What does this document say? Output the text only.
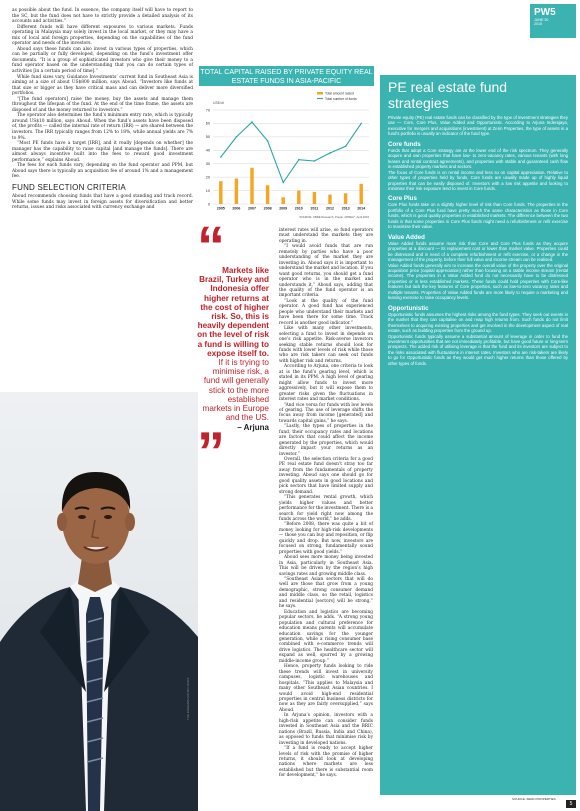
PW5
JUNE 30
2015

as possible about the fund. In essence, the company itself will have to report to the SC, but the fund does not have to strictly provide a detailed analysis of its accounts and activities.”

Different funds will have different exposures to various markets. Funds operating in Malaysia may solely invest in the local market, or they may have a mix of local and foreign properties, depending on the capabilities of the fund operator and needs of the investors.

Aboud says these funds can also invest in various types of properties, which can be partially or fully developed, depending on the fund’s investment offer documents. “It is a group of sophisticated investors who give their money to a fund operator based on the understanding that you can do certain types of activities [in a certain period of time].”

While fund sizes vary, Guidance Investments’ current fund in Southeast Asia is aiming at a size of about US$800 million, says Aboud. “Investors like funds at that size or bigger as they have critical mass and can deliver more diversified portfolios.

“[The fund operators] raise the money, buy the assets and manage them throughout the lifespan of the fund. At the end of the time frame, the assets are disposed of and the money returned to investors.”

The operator also determines the fund’s minimum entry rate, which is typically around US$10 million, says Aboud. When the fund’s assets have been disposed of, the profits — called the internal rate of return (IRR) — are shared between the investors. The IRR typically ranges from 12% to 18%, while annual yields are 7% to 9%.

“Most PE funds have a target [IRR], and it really [depends on whether] the manager has the capability to raise capital [and manage the funds]. There are almost always incentive built into the fees to reward good investment performance,” explains Aboud.

The fees for each funds vary, depending on the fund operator and PPM, but Aboud says there is typically an acquisition fee of around 1% and a management fee.

FUND SELECTION CRITERIA

Aboud recommends choosing funds that have a good standing and track record. While some funds may invest in foreign assets for diversification and better returns, issues and risks associated with currency exchange and

THE EDGE/MAHATHIR HANAF
TOTAL CAPITAL RAISED BY PRIVATE EQUITY REAL ESTATE FUNDS IN ASIA-PACIFIC
US$ bil
0
10
20
30
40
50
60
70
2005 2006 2007 2008 2009 2010 2011 2012 2013 2014
SOURCE: CBRE Research, Preqin, APREA*, April 2015
Total amount raised
Total number of funds
“
Markets like Brazil, Turkey and Indonesia offer higher returns at the cost of higher risk. So, this is heavily dependent on the level of risk a fund is willing to expose itself to.
If it is trying to minimise risk, a fund will generally stick to the more established markets in Europe and the US.
– Arjuna
”

interest rates will arise, so fund operators must understand the markets they are operating in.

“I would avoid funds that are run remotely by parties who have a poor understanding of the market they are investing in. Aboud says it is important to understand the market and location. If you want good returns, you should get a fund operator who is in the market and understands it,” Aboud says, adding that the quality of the fund operator is an important criteria.

“Look at the quality of the fund operator. A good fund has experienced people who understand their markets and have been there for some time. Track record is another good indicator.”

Like with many other investments, selecting a fund to invest in depends on one’s risk appetite. Risk-averse investors seeking stable returns should look for funds with lower levels of risk while those who are risk takers can seek out funds with higher risk and returns.

According to Arjuna, one criteria to look at is the fund’s gearing level, which is stated in its PPM. A high level of gearing might allow funds to invest more aggressively, but it will expose them to greater risks given the fluctuations in interest rates and market conditions.

“And vice versa for funds with low levels of gearing. The use of leverage shifts the focus away from income [generated] and towards capital gains,” he says.

“Lastly, the types of properties in the fund, their occupancy rates and locations are factors that could affect the income generated by the properties, which would directly impact your returns as an investor.”

Overall, the selection criteria for a good PE real estate fund doesn’t stray too far away from the fundamentals of property investing. Aboud says one should go for good quality assets in good locations and pick sectors that have limited supply and strong demand.

“This generates rental growth, which yields higher values and better performance for the investment. There is a search for yield right now among the funds across the world,” he adds.

“Before 2008, there was quite a bit of money looking for high-risk developments — those you can buy and reposition, or flip quickly and drop. But now, investors are focused on strong, fundamentally sound properties with good yields.”

Aboud sees more money being invested in Asia, particularly in Southeast Asia. This will be driven by the region’s high savings rates and growing middle class.

“Southeast Asian sectors that will do well are those that grow from a young demographic, strong consumer demand and middle class, so the retail, logistics and residential [sectors] will be strong,” he says.

Education and logistics are becoming popular sectors, he adds. “A strong young population and cultural preference for education means parents will accumulate education savings for the younger generation, while a rising consumer base combined with e-commerce trends will drive logistics. The healthcare sector will expand as well, spurred by a growing middle-income group.”

Hence, property funds looking to ride these trends will invest in university campuses, logistic warehouses and hospitals. “This applies to Malaysia and many other Southeast Asian countries. I would avoid high-end residential properties in central business districts for now as they are fairly oversupplied,” says Aboud.

In Arjuna’s opinion, investors with a high-risk appetite can consider funds invested in Southeast Asia and the BRIC nations (Brazil, Russia, India and China), as opposed to funds that minimise risk by investing in developed nations.

“If a fund is ready to accept higher levels of risk with the promise of higher returns, it should look at developing nations where markets are less established but there is substantial room for development,” he says.

PE real estate fund strategies

Private equity (PE) real estate funds can be classified by the type of investment strategies they use — Core, Core Plus, Value Added and Opportunistic. According to Arjuna Inderajaya, executive for mergers and acquisitions (investment) at Zerin Properties, the type of assets in a fund’s portfolio is usually an indicator of the fund type.

Core funds

Funds that adopt a Core strategy are at the lower end of the risk spectrum. They generally acquire and own properties that have low- to zero-vacancy rates, various tenants (with long leases and rental contract agreements), and properties with stable and guaranteed cash flow in established property markets and sectors.

The focus of Core funds is on rental income and less so on capital appreciation. Relative to other types of properties held by funds, Core funds are usually made up of highly liquid properties that can be easily disposed of. Investors with a low risk appetite and looking to minimise their risk exposure tend to invest in Core funds.

Core Plus

Core Plus funds take on a slightly higher level of risk than Core funds. The properties in the portfolio of a Core Plus fund have pretty much the same characteristics as those in Core funds, which is good quality properties in established markets. The difference between the two funds is that some properties in Core Plus funds might need a refurbishment or refit exercise to maximise their value.

Value Added

Value Added funds assume more risk than Core and Core Plus funds as they acquire properties at a discount — its replacement cost or lower than market value. Properties could be distressed and in need of a complete refurbishment or refit exercise, or a change in the management of the property, before their full value and income stream can be realised.

Value Added funds generally aim to increase the overall value of the property over the original acquisition price (capital appreciation) rather than focusing on a stable income stream (rental income). The properties in a Value Added fund do not necessarily have to be distressed properties or in less established markets. These funds could hold properties with Core-like features but lack the key features of Core properties, such as low-to-zero vacancy rates and multiple tenants. Properties of Value Added funds are more likely to require a marketing and leasing exercise to raise occupancy levels.

Opportunistic

Opportunistic funds assumes the highest risks among the fund types. They seek out events in the market that they can capitalise on and reap high returns from. Such funds do not limit themselves to acquiring existing properties and get involved in the development aspect of real estate, such as building properties from the ground up.

Opportunistic funds typically assume a substantial amount of leverage in order to fund the investment opportunities that are not immediately profitable, but have good future or long-term prospects. The added risk of utilising leverage is that the fund and its investors are subject to the risks associated with fluctuations in interest rates. Investors who are risk-takers are likely to go for Opportunistic funds as they would get much higher returns than those offered by other types of funds.

SOURCE: ZERIN PROPERTIES

5
